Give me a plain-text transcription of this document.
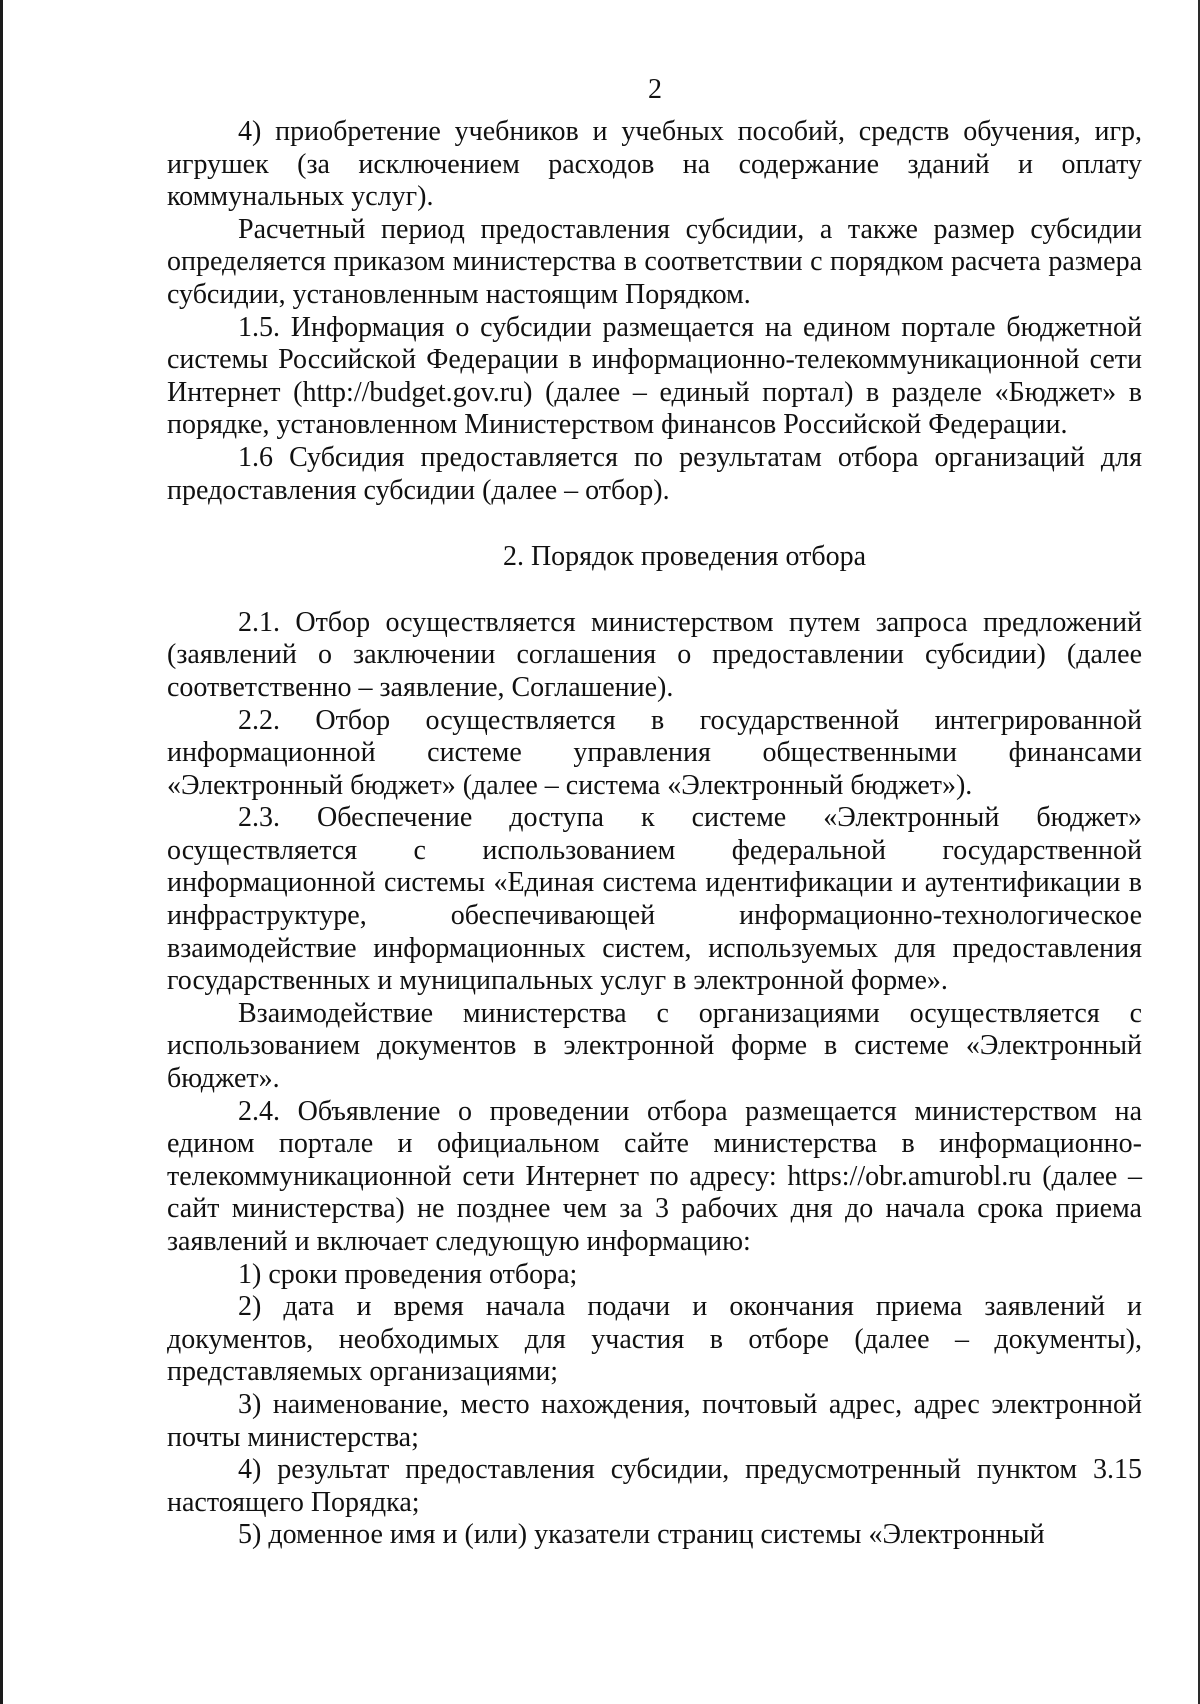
2

4) приобретение учебников и учебных пособий, средств обучения, игр, игрушек (за исключением расходов на содержание зданий и оплату коммунальных услуг).

Расчетный период предоставления субсидии, а также размер субсидии определяется приказом министерства в соответствии с порядком расчета размера субсидии, установленным настоящим Порядком.

1.5. Информация о субсидии размещается на едином портале бюджетной системы Российской Федерации в информационно-телекоммуникационной сети Интернет (http://budget.gov.ru) (далее – единый портал) в разделе «Бюджет» в порядке, установленном Министерством финансов Российской Федерации.

1.6 Субсидия предоставляется по результатам отбора организаций для предоставления субсидии (далее – отбор).

2. Порядок проведения отбора

2.1. Отбор осуществляется министерством путем запроса предложений (заявлений о заключении соглашения о предоставлении субсидии) (далее соответственно – заявление, Соглашение).

2.2. Отбор осуществляется в государственной интегрированной информационной системе управления общественными финансами «Электронный бюджет» (далее – система «Электронный бюджет»).

2.3. Обеспечение доступа к системе «Электронный бюджет» осуществляется с использованием федеральной государственной информационной системы «Единая система идентификации и аутентификации в инфраструктуре, обеспечивающей информационно-технологическое взаимодействие информационных систем, используемых для предоставления государственных и муниципальных услуг в электронной форме».

Взаимодействие министерства с организациями осуществляется с использованием документов в электронной форме в системе «Электронный бюджет».

2.4. Объявление о проведении отбора размещается министерством на едином портале и официальном сайте министерства в информационно-телекоммуникационной сети Интернет по адресу: https://obr.amurobl.ru (далее – сайт министерства) не позднее чем за 3 рабочих дня до начала срока приема заявлений и включает следующую информацию:

1) сроки проведения отбора;

2) дата и время начала подачи и окончания приема заявлений и документов, необходимых для участия в отборе (далее – документы), представляемых организациями;

3) наименование, место нахождения, почтовый адрес, адрес электронной почты министерства;

4) результат предоставления субсидии, предусмотренный пунктом 3.15 настоящего Порядка;

5) доменное имя и (или) указатели страниц системы «Электронный
